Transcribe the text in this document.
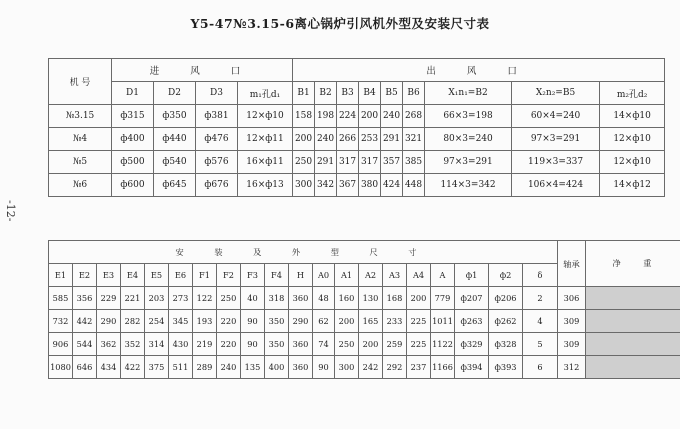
Y5-47№3.15-6离心锅炉引风机外型及安装尺寸表
-12-
机 号	进 风 口				出 风 口								
	D1	D2	D3	m₁孔d₁	B1	B2	B3	B4	B5	B6	X₁n₁=B2	X₂n₂=B5	m₂孔d₂
№3.15	ф315	ф350	ф381	12×ф10	158	198	224	200	240	268	66×3=198	60×4=240	14×ф10
№4	ф400	ф440	ф476	12×ф11	200	240	266	253	291	321	80×3=240	97×3=291	12×ф10
№5	ф500	ф540	ф576	16×ф11	250	291	317	317	357	385	97×3=291	119×3=337	12×ф10
№6	ф600	ф645	ф676	16×ф13	300	342	367	380	424	448	114×3=342	106×4=424	14×ф12
安 装 及 外 型 尺 寸																				轴承	净 重
E1	E2	E3	E4	E5	E6	F1	F2	F3	F4	H	A0	A1	A2	A3	A4	A	ф1	ф2	δ		
585	356	229	221	203	273	122	250	40	318	360	48	160	130	168	200	779	ф207	ф206	2	306	
732	442	290	282	254	345	193	220	90	350	290	62	200	165	233	225	1011	ф263	ф262	4	309	
906	544	362	352	314	430	219	220	90	350	360	74	250	200	259	225	1122	ф329	ф328	5	309	
1080	646	434	422	375	511	289	240	135	400	360	90	300	242	292	237	1166	ф394	ф393	6	312	
